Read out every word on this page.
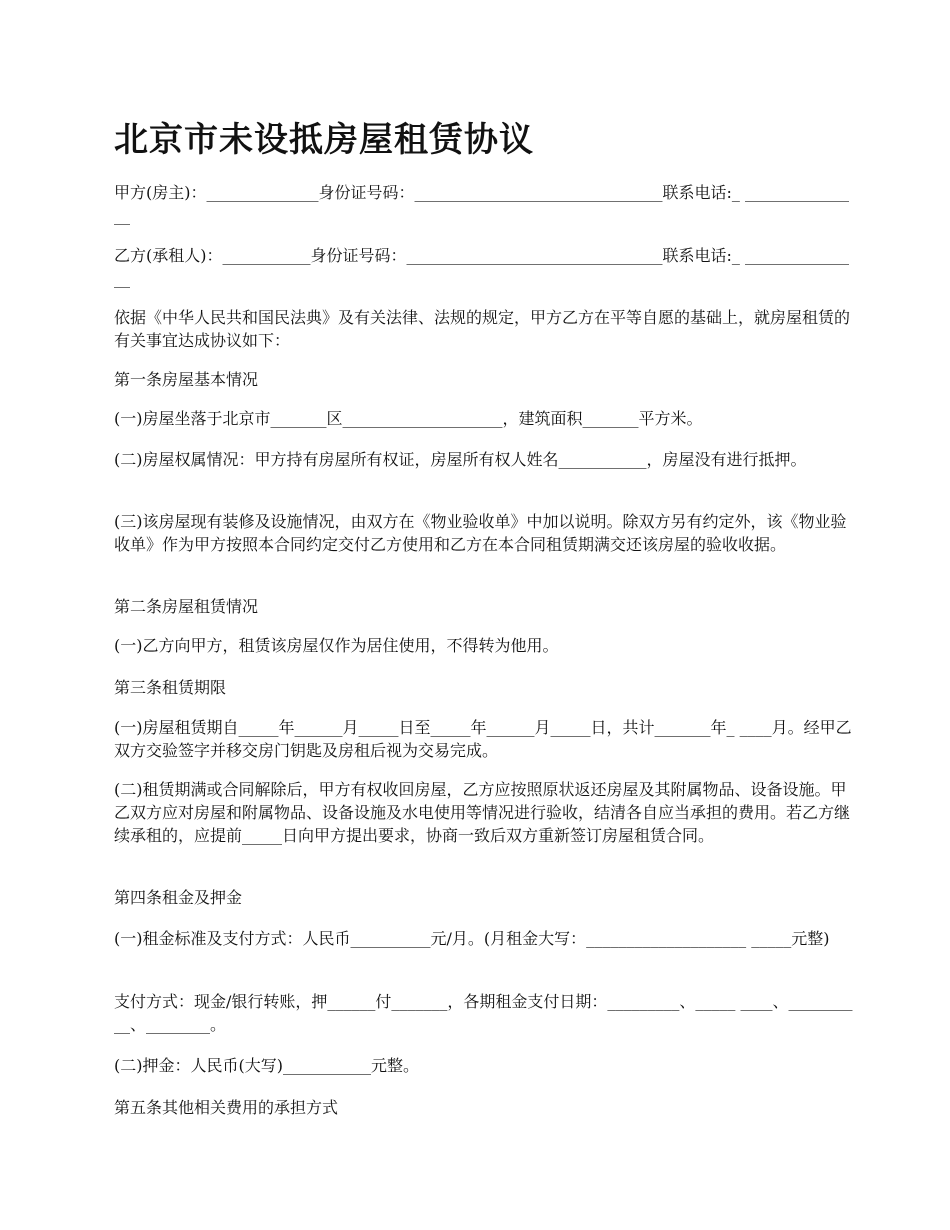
北京市未设抵房屋租赁协议

甲方(房主)：______________身份证号码：_______________________________联系电话:_ _______________

乙方(承租人)：___________身份证号码：________________________________联系电话:_ _______________

依据《中华人民共和国民法典》及有关法律、法规的规定，甲方乙方在平等自愿的基础上，就房屋租赁的有关事宜达成协议如下：

第一条房屋基本情况

(一)房屋坐落于北京市_______区____________________，建筑面积_______平方米。

(二)房屋权属情况：甲方持有房屋所有权证，房屋所有权人姓名___________，房屋没有进行抵押。

(三)该房屋现有装修及设施情况，由双方在《物业验收单》中加以说明。除双方另有约定外，该《物业验收单》作为甲方按照本合同约定交付乙方使用和乙方在本合同租赁期满交还该房屋的验收收据。

第二条房屋租赁情况

(一)乙方向甲方，租赁该房屋仅作为居住使用，不得转为他用。

第三条租赁期限

(一)房屋租赁期自_____年______月_____日至_____年______月_____日，共计_______年_ ____月。经甲乙双方交验签字并移交房门钥匙及房租后视为交易完成。

(二)租赁期满或合同解除后，甲方有权收回房屋，乙方应按照原状返还房屋及其附属物品、设备设施。甲乙双方应对房屋和附属物品、设备设施及水电使用等情况进行验收，结清各自应当承担的费用。若乙方继续承租的，应提前_____日向甲方提出要求，协商一致后双方重新签订房屋租赁合同。

第四条租金及押金

(一)租金标准及支付方式：人民币__________元/月。(月租金大写：____________________ _____元整)

支付方式：现金/银行转账，押______付_______，各期租金支付日期：_________、_____ ____、__________、________。

(二)押金：人民币(大写)___________元整。

第五条其他相关费用的承担方式
